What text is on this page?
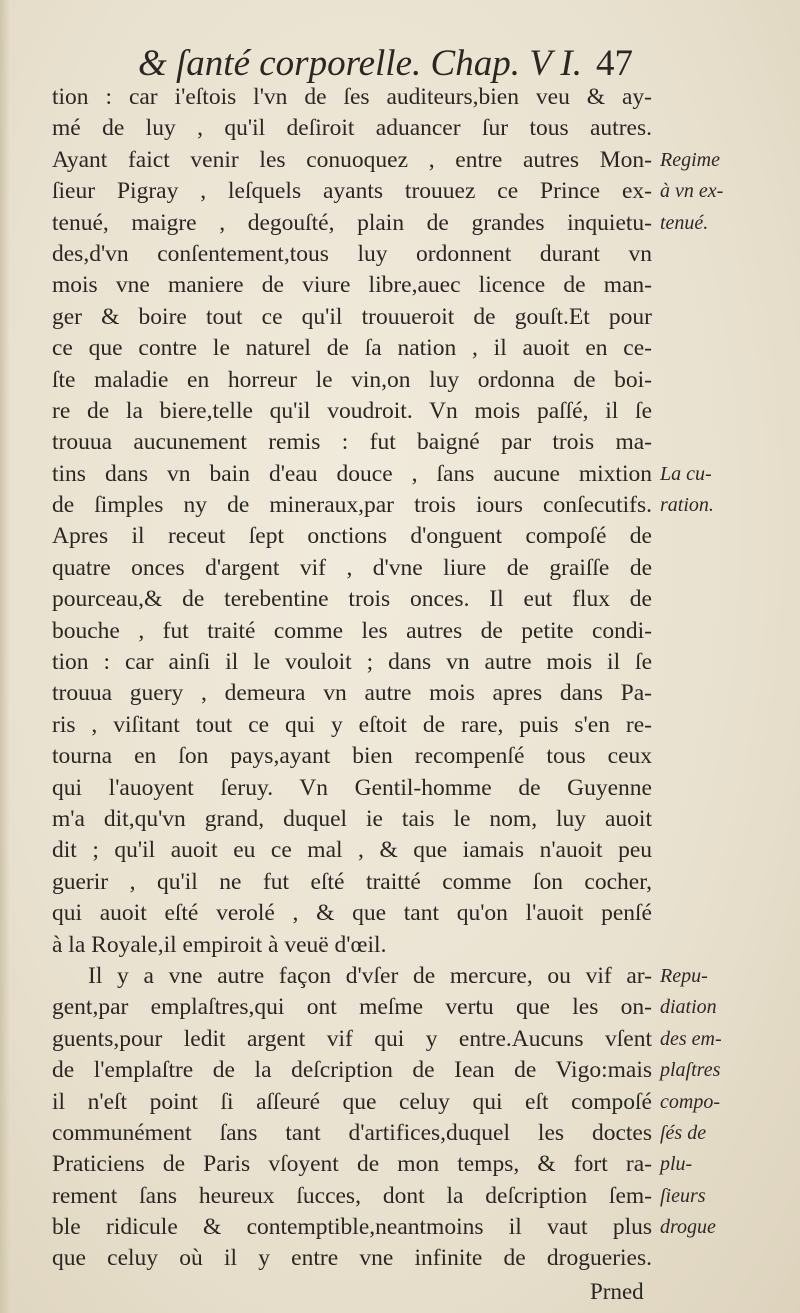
& ſanté corporelle. Chap. V I. 47
tion : car i'eſtois l'vn de ſes auditeurs,bien veu & ay-
mé de luy , qu'il deſiroit aduancer ſur tous autres.
Ayant faict venir les conuoquez , entre autres Mon-
ſieur Pigray , leſquels ayants trouuez ce Prince ex-
tenué, maigre , degouſté, plain de grandes inquietu-
des,d'vn conſentement,tous luy ordonnent durant vn
mois vne maniere de viure libre,auec licence de man-
ger & boire tout ce qu'il trouueroit de gouſt.Et pour
ce que contre le naturel de ſa nation , il auoit en ce-
ſte maladie en horreur le vin,on luy ordonna de boi-
re de la biere,telle qu'il voudroit. Vn mois paſſé, il ſe
trouua aucunement remis : fut baigné par trois ma-
tins dans vn bain d'eau douce , ſans aucune mixtion
de ſimples ny de mineraux,par trois iours conſecutifs.
Apres il receut ſept onctions d'onguent compoſé de
quatre onces d'argent vif , d'vne liure de graiſſe de
pourceau,& de terebentine trois onces. Il eut flux de
bouche , fut traité comme les autres de petite condi-
tion : car ainſi il le vouloit ; dans vn autre mois il ſe
trouua guery , demeura vn autre mois apres dans Pa-
ris , viſitant tout ce qui y eſtoit de rare, puis s'en re-
tourna en ſon pays,ayant bien recompenſé tous ceux
qui l'auoyent ſeruy. Vn Gentil-homme de Guyenne
m'a dit,qu'vn grand, duquel ie tais le nom, luy auoit
dit ; qu'il auoit eu ce mal , & que iamais n'auoit peu
guerir , qu'il ne fut eſté traitté comme ſon cocher,
qui auoit eſté verolé , & que tant qu'on l'auoit penſé
à la Royale,il empiroit à veuë d'œil.
Il y a vne autre façon d'vſer de mercure, ou vif ar-
gent,par emplaſtres,qui ont meſme vertu que les on-
guents,pour ledit argent vif qui y entre.Aucuns vſent
de l'emplaſtre de la deſcription de Iean de Vigo:mais
il n'eſt point ſi aſſeuré que celuy qui eſt compoſé
communément ſans tant d'artifices,duquel les doctes
Praticiens de Paris vſoyent de mon temps, & fort ra-
rement ſans heureux ſucces, dont la deſcription ſem-
ble ridicule & contemptible,neantmoins il vaut plus
que celuy où il y entre vne infinite de drogueries.
Regime
à vn ex-
tenué.
La cu-
ration.
Repu-
diation
des em-
plaſtres
compo-
ſés de
plu-
ſieurs
drogue
Prned
